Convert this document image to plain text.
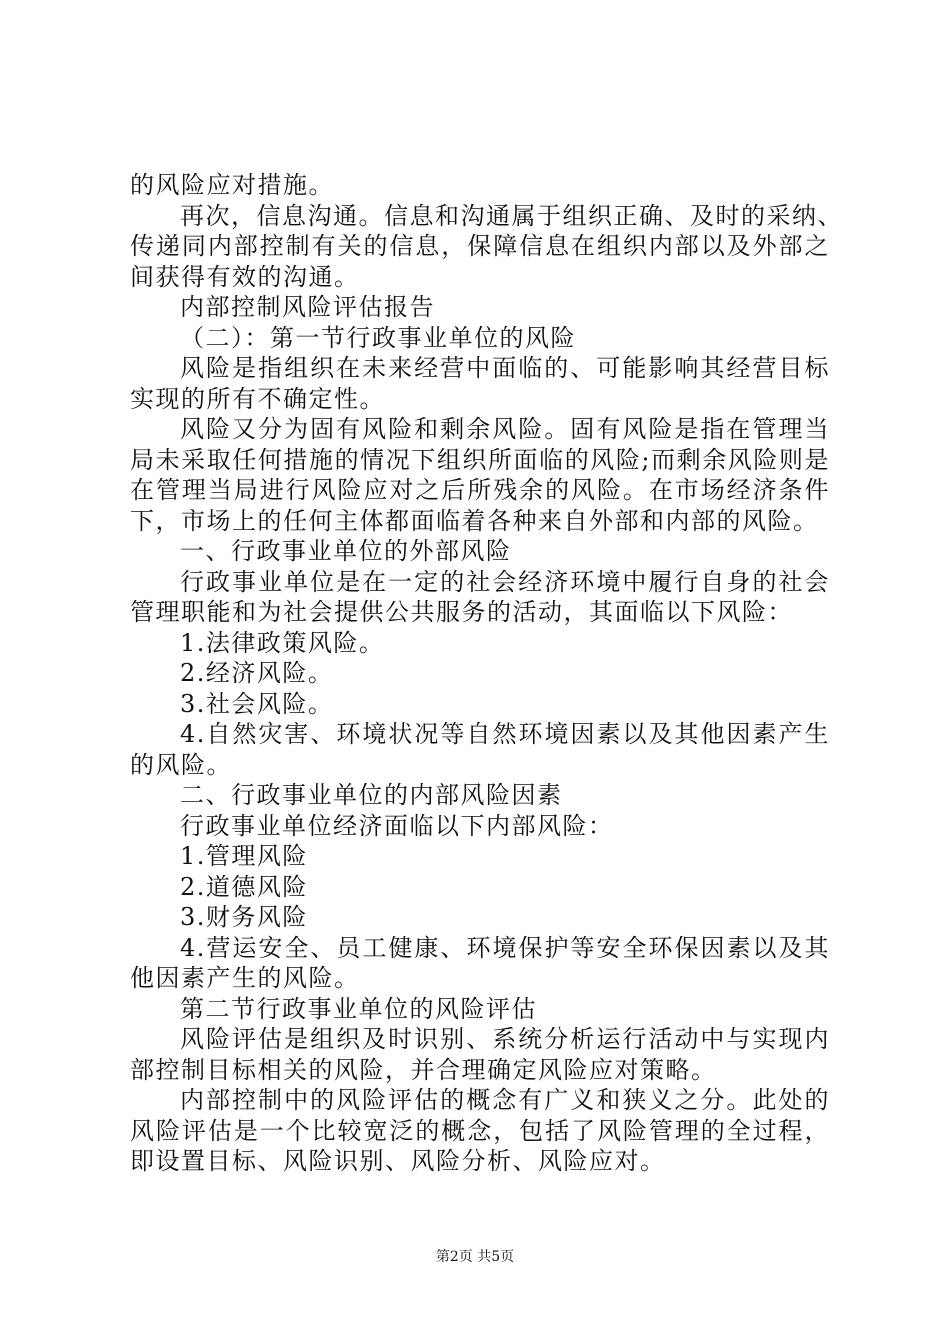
的风险应对措施。
再次，信息沟通。信息和沟通属于组织正确、及时的采纳、
传递同内部控制有关的信息，保障信息在组织内部以及外部之
间获得有效的沟通。
内部控制风险评估报告
（二）：第一节行政事业单位的风险
风险是指组织在未来经营中面临的、可能影响其经营目标
实现的所有不确定性。
风险又分为固有风险和剩余风险。固有风险是指在管理当
局未采取任何措施的情况下组织所面临的风险;而剩余风险则是
在管理当局进行风险应对之后所残余的风险。在市场经济条件
下，市场上的任何主体都面临着各种来自外部和内部的风险。
一、行政事业单位的外部风险
行政事业单位是在一定的社会经济环境中履行自身的社会
管理职能和为社会提供公共服务的活动，其面临以下风险：
1.法律政策风险。
2.经济风险。
3.社会风险。
4.自然灾害、环境状况等自然环境因素以及其他因素产生
的风险。
二、行政事业单位的内部风险因素
行政事业单位经济面临以下内部风险：
1.管理风险
2.道德风险
3.财务风险
4.营运安全、员工健康、环境保护等安全环保因素以及其
他因素产生的风险。
第二节行政事业单位的风险评估
风险评估是组织及时识别、系统分析运行活动中与实现内
部控制目标相关的风险，并合理确定风险应对策略。
内部控制中的风险评估的概念有广义和狭义之分。此处的
风险评估是一个比较宽泛的概念，包括了风险管理的全过程，
即设置目标、风险识别、风险分析、风险应对。
第2页 共5页
